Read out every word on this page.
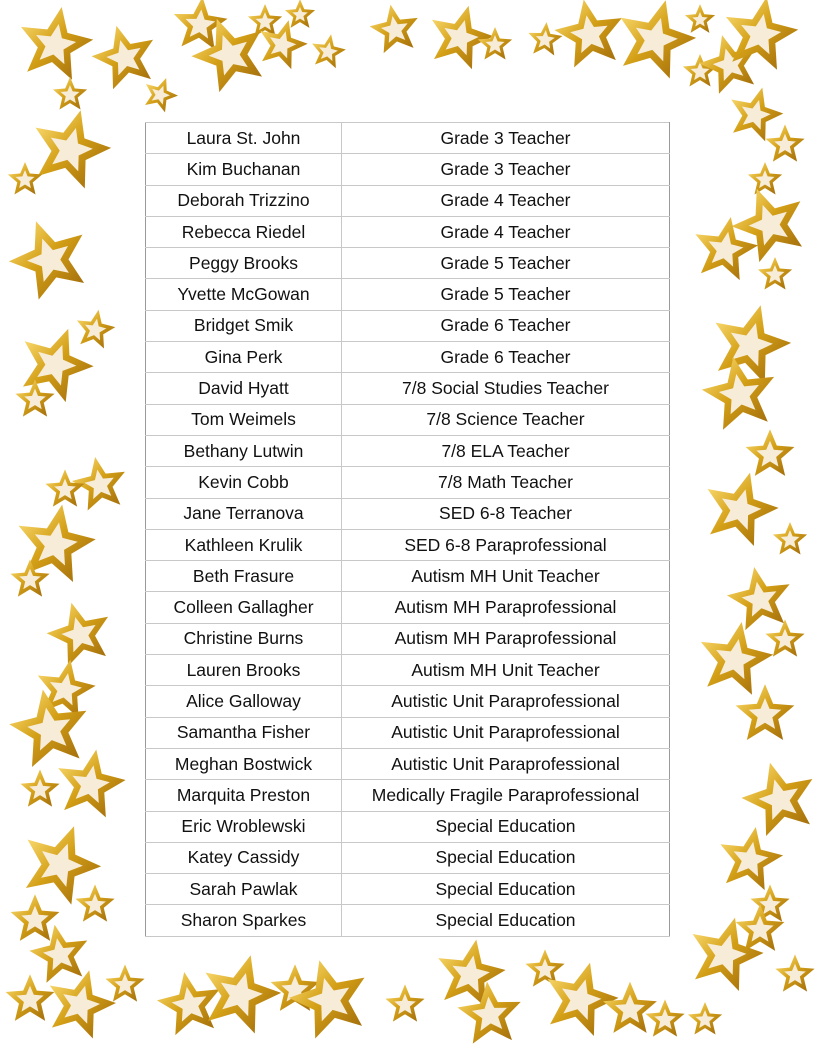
Laura St. John	Grade 3 Teacher
Kim Buchanan	Grade 3 Teacher
Deborah Trizzino	Grade 4 Teacher
Rebecca Riedel	Grade 4 Teacher
Peggy Brooks	Grade 5 Teacher
Yvette McGowan	Grade 5 Teacher
Bridget Smik	Grade 6 Teacher
Gina Perk	Grade 6 Teacher
David Hyatt	7/8 Social Studies Teacher
Tom Weimels	7/8 Science Teacher
Bethany Lutwin	7/8 ELA Teacher
Kevin Cobb	7/8 Math Teacher
Jane Terranova	SED 6-8 Teacher
Kathleen Krulik	SED 6-8 Paraprofessional
Beth Frasure	Autism MH Unit Teacher
Colleen Gallagher	Autism MH Paraprofessional
Christine Burns	Autism MH Paraprofessional
Lauren Brooks	Autism MH Unit Teacher
Alice Galloway	Autistic Unit Paraprofessional
Samantha Fisher	Autistic Unit Paraprofessional
Meghan Bostwick	Autistic Unit Paraprofessional
Marquita Preston	Medically Fragile Paraprofessional
Eric Wroblewski	Special Education
Katey Cassidy	Special Education
Sarah Pawlak	Special Education
Sharon Sparkes	Special Education
